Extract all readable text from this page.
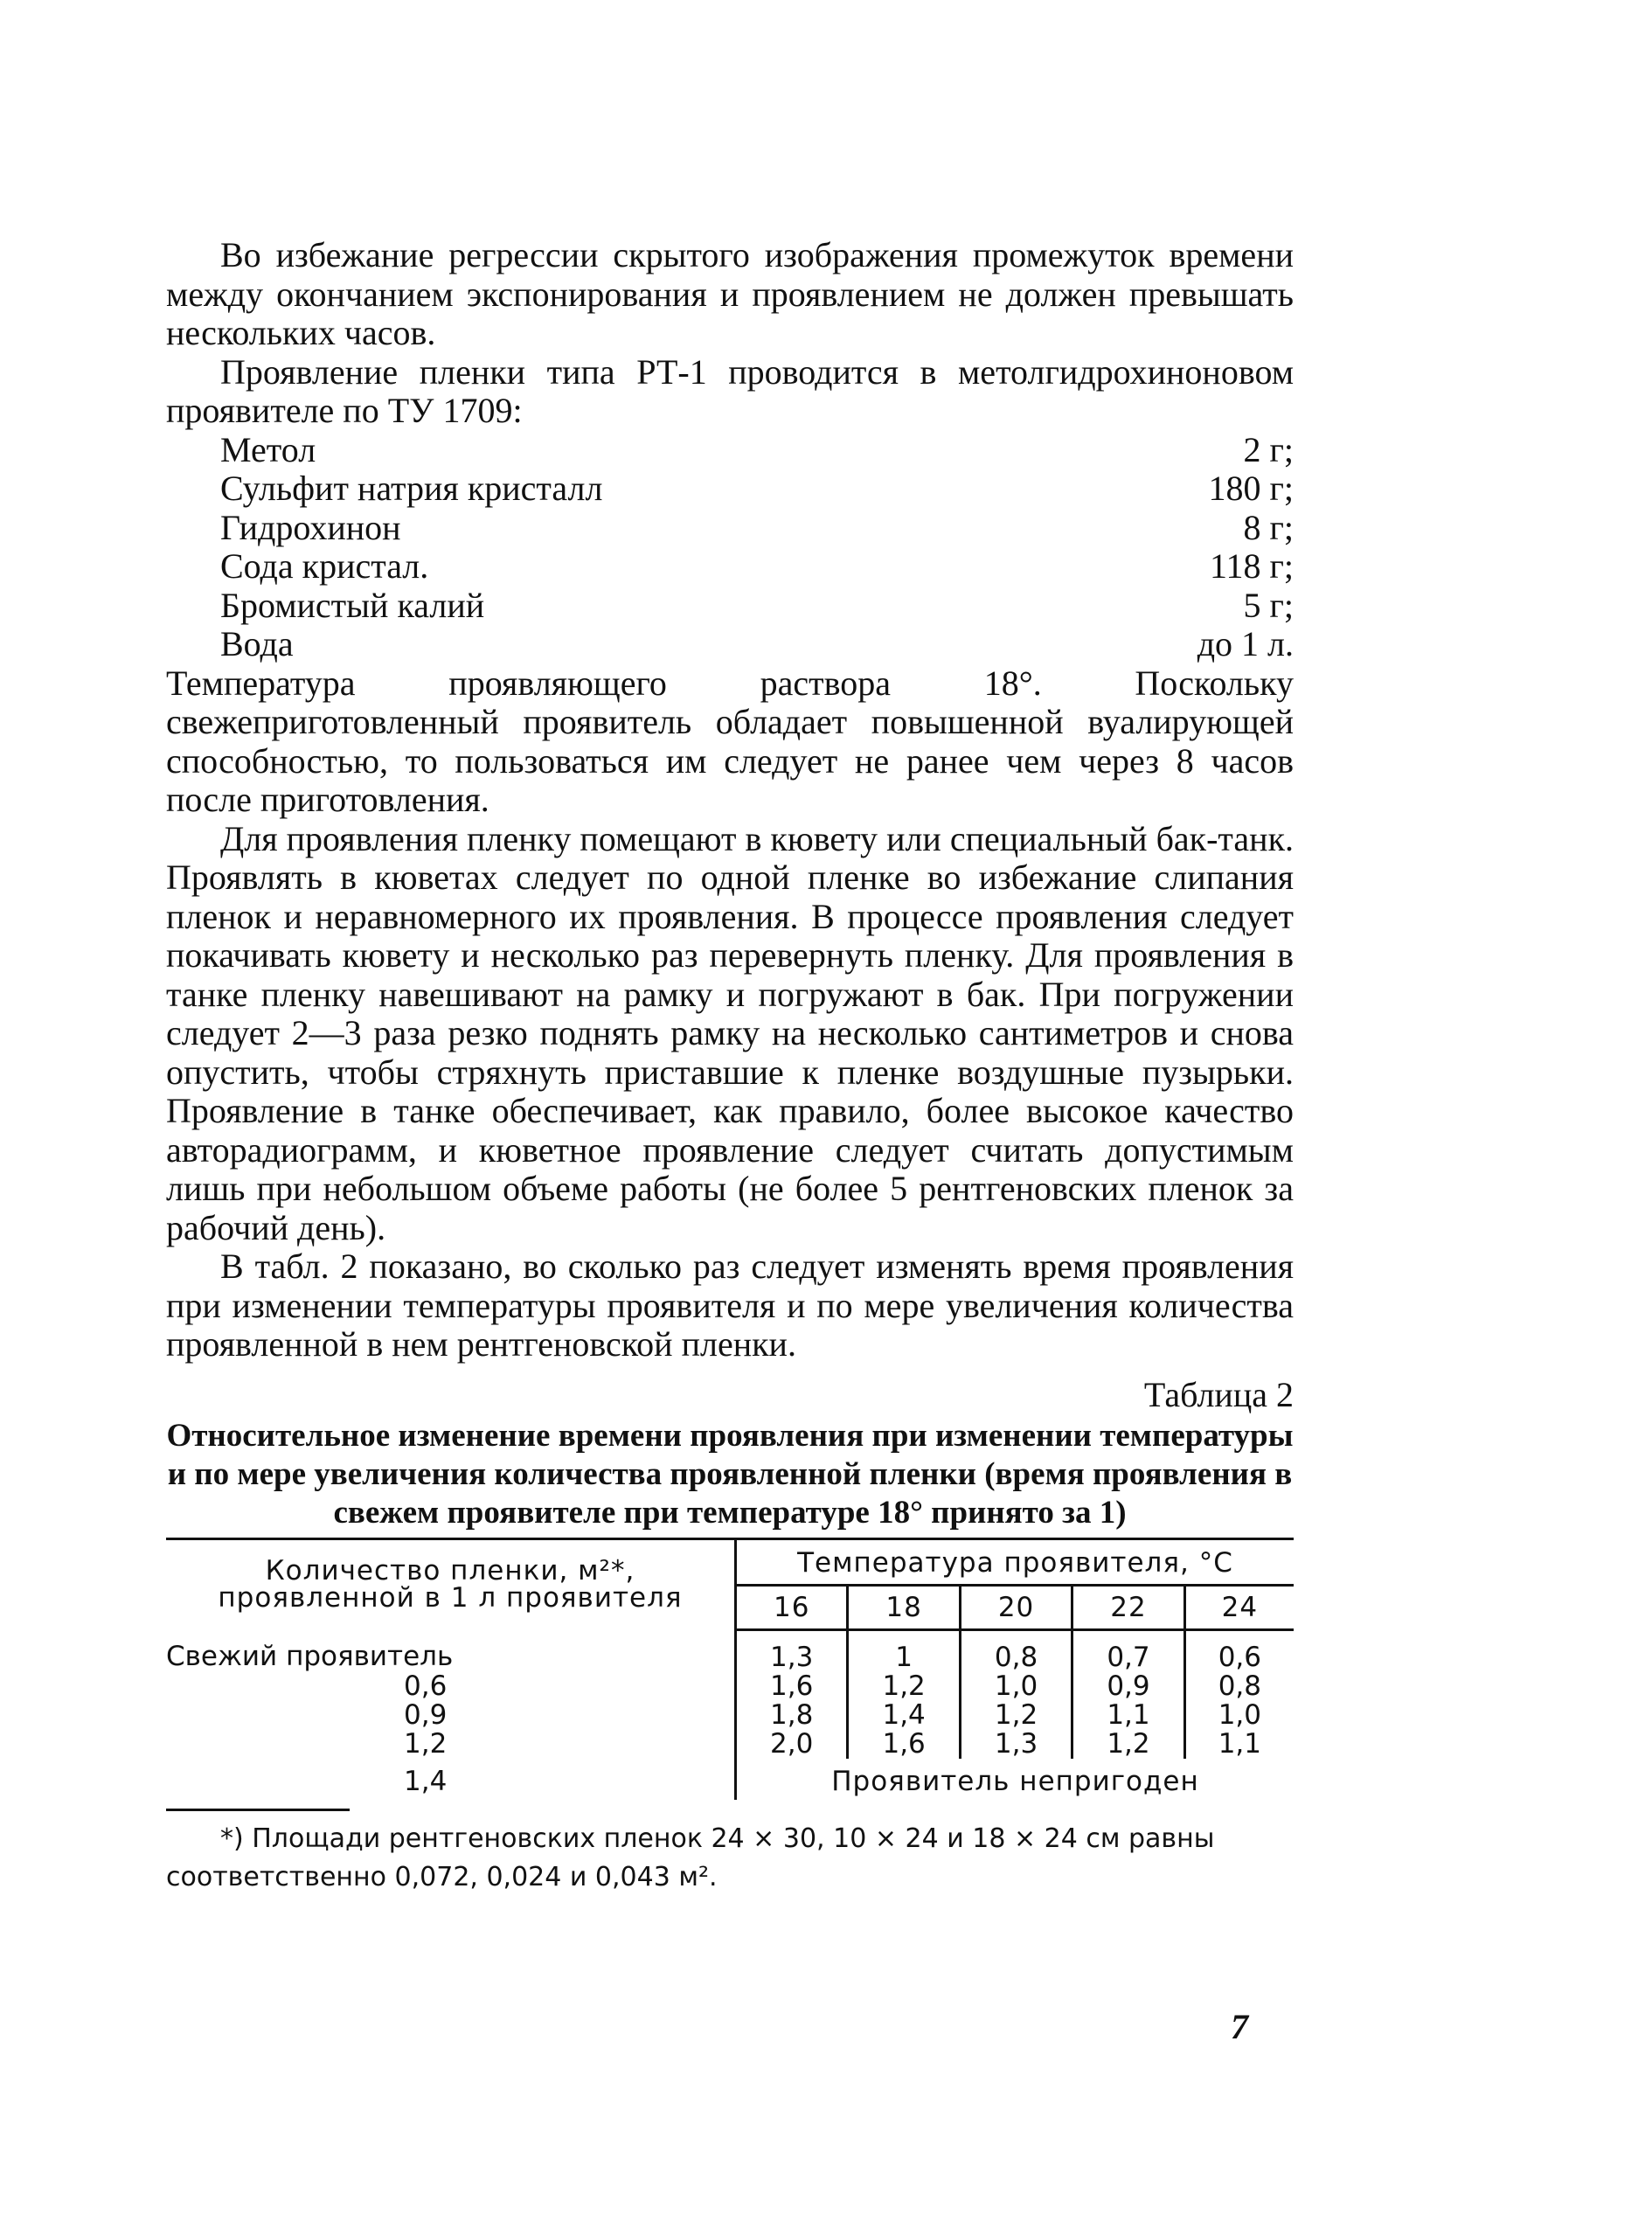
Во избежание регрессии скрытого изображения промежуток времени между окончанием экспонирования и проявлением не должен превышать нескольких часов.

Проявление пленки типа РТ-1 проводится в метолгидрохиноновом проявителе по ТУ 1709:

Метол	2 г;
Сульфит натрия кристалл	180 г;
Гидрохинон	8 г;
Сода кристал.	118 г;
Бромистый калий	5 г;
Вода	до 1 л.

Температура проявляющего раствора 18°. Поскольку свежеприготовленный проявитель обладает повышенной вуалирующей способностью, то пользоваться им следует не ранее чем через 8 часов после приготовления.

Для проявления пленку помещают в кювету или специальный бак-танк. Проявлять в кюветах следует по одной пленке во избежание слипания пленок и неравномерного их проявления. В процессе проявления следует покачивать кювету и несколько раз перевернуть пленку. Для проявления в танке пленку навешивают на рамку и погружают в бак. При погружении следует 2—3 раза резко поднять рамку на несколько сантиметров и снова опустить, чтобы стряхнуть приставшие к пленке воздушные пузырьки. Проявление в танке обеспечивает, как правило, более высокое качество авторадиограмм, и кюветное проявление следует считать допустимым лишь при небольшом объеме работы (не более 5 рентгеновских пленок за рабочий день).

В табл. 2 показано, во сколько раз следует изменять время проявления при изменении температуры проявителя и по мере увеличения количества проявленной в нем рентгеновской пленки.

Таблица 2
Относительное изменение времени проявления при изменении температуры и по мере увеличения количества проявленной пленки (время проявления в свежем проявителе при температуре 18° принято за 1)
Количество пленки, м²*, проявленной в 1 л проявителя	Температура проявителя, °C				
	16	18	20	22	24
Свежий проявитель	1,3	1	0,8	0,7	0,6
0,6	1,6	1,2	1,0	0,9	0,8
0,9	1,8	1,4	1,2	1,1	1,0
1,2	2,0	1,6	1,3	1,2	1,1
1,4	Проявитель непригоден				

*) Площади рентгеновских пленок 24 × 30, 10 × 24 и 18 × 24 см равны соответственно 0,072, 0,024 и 0,043 м².

7
